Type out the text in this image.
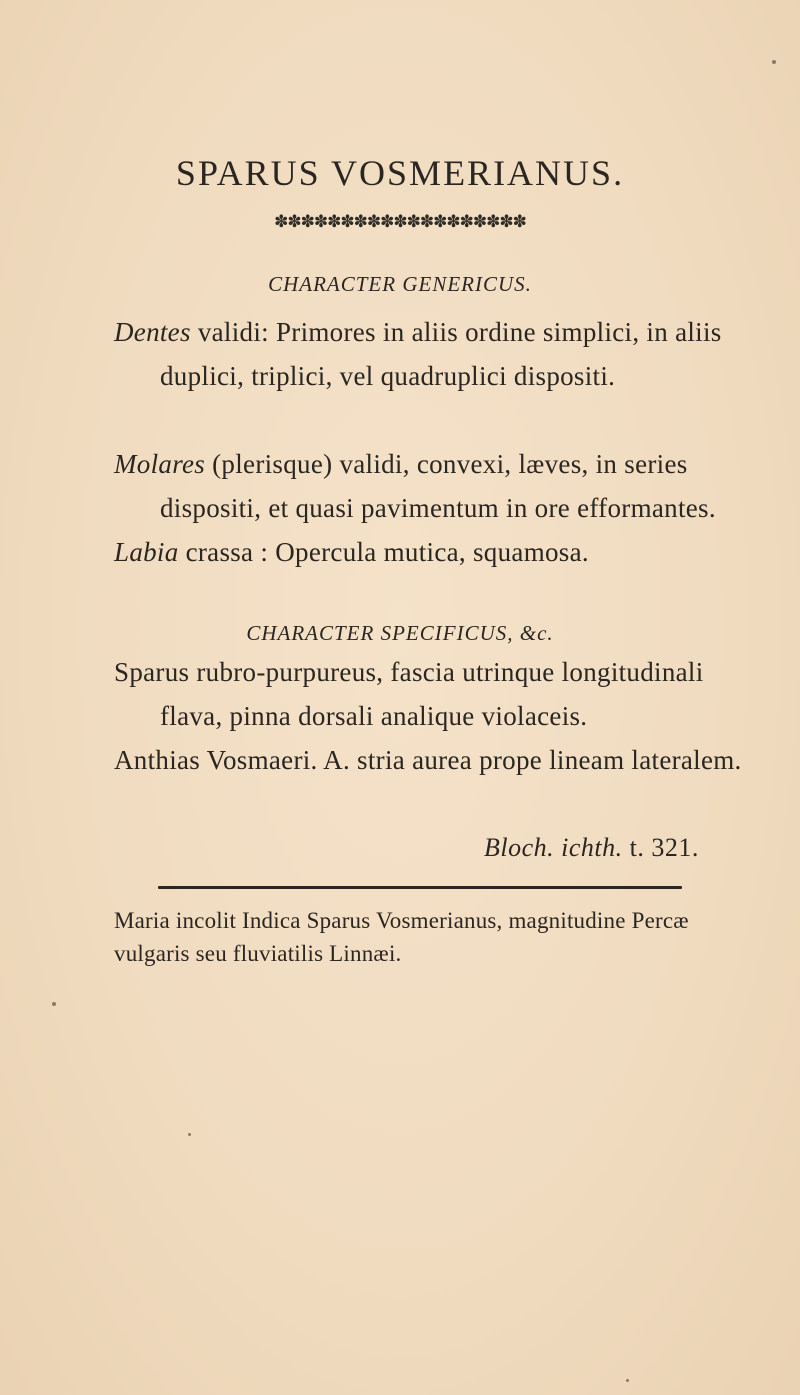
SPARUS VOSMERIANUS.
✽✽✽✽✽✽✽✽✽✽✽✽✽✽✽✽✽✽✽
CHARACTER GENERICUS.
Dentes validi: Primores in aliis ordine simplici, in aliis duplici, triplici, vel quadruplici dispositi.
Molares (plerisque) validi, convexi, læves, in series dispositi, et quasi pavimentum in ore efformantes.
Labia crassa : Opercula mutica, squamosa.
CHARACTER SPECIFICUS, &c.
Sparus rubro-purpureus, fascia utrinque longitudinali flava, pinna dorsali analique violaceis.
Anthias Vosmaeri. A. stria aurea prope lineam lateralem.
Bloch. ichth. t. 321.
Maria incolit Indica Sparus Vosmerianus, magnitudine Percæ vulgaris seu fluviatilis Linnæi.
